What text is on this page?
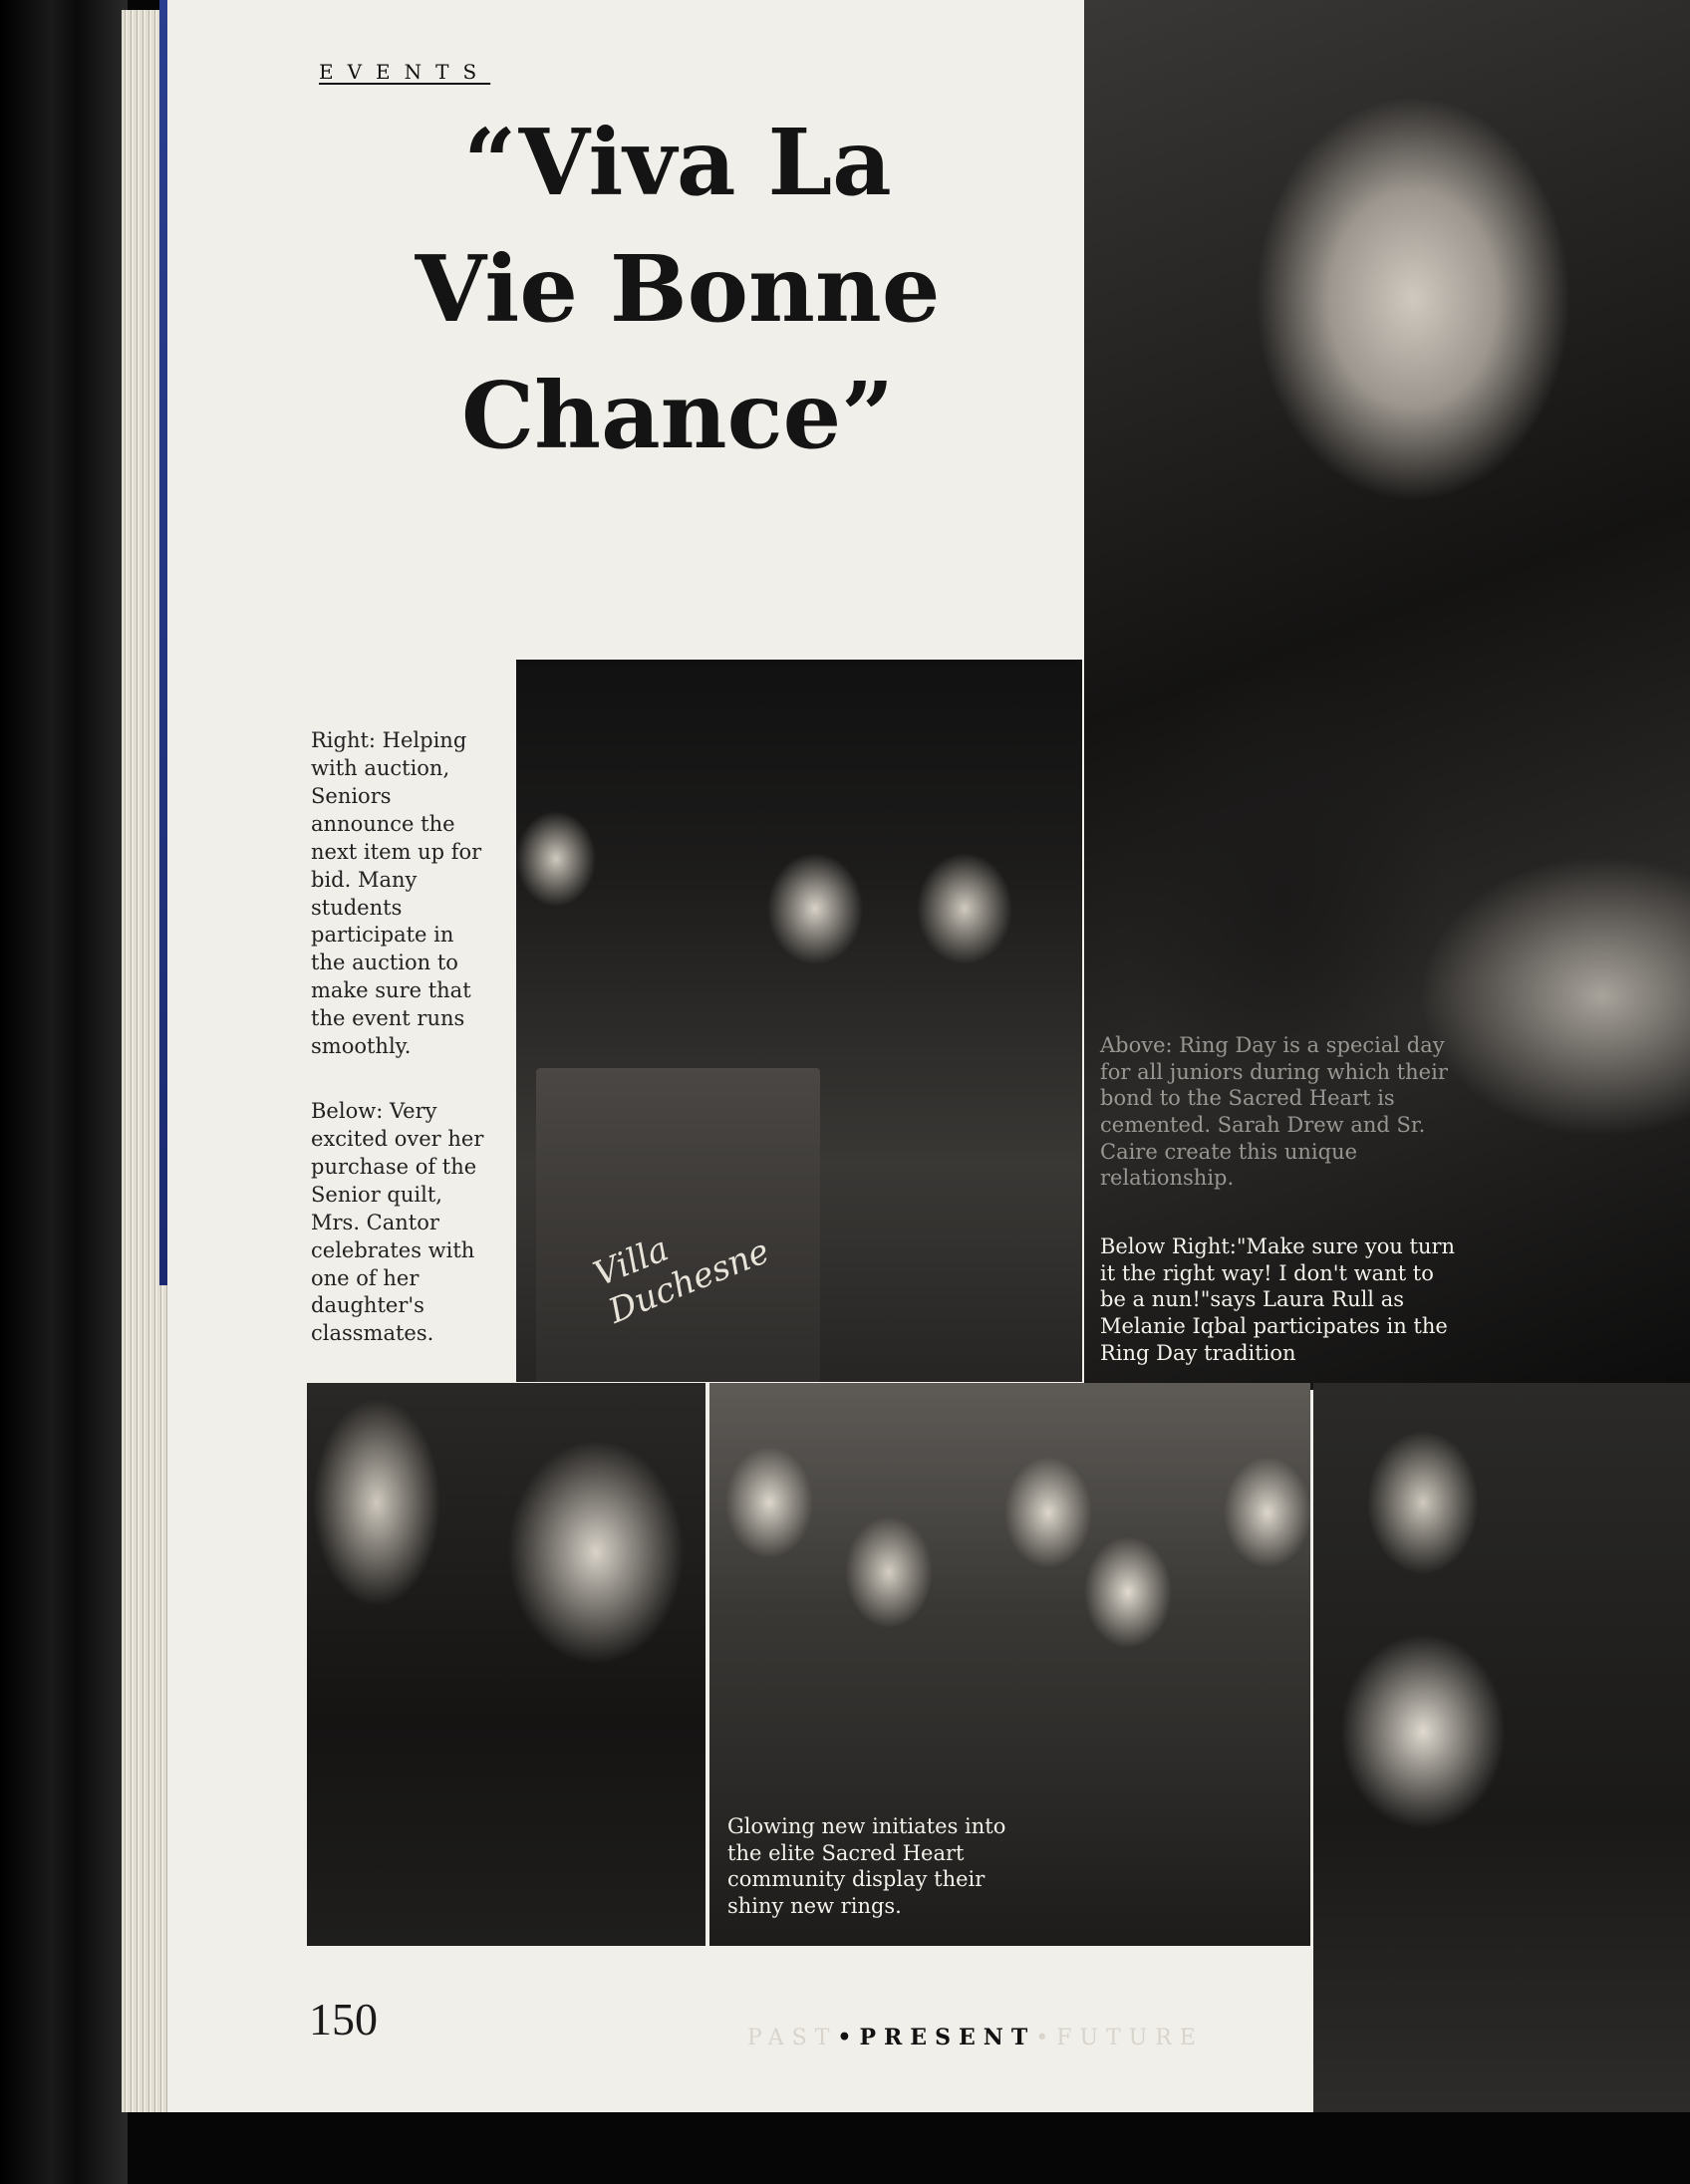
EVENTS
“Viva La
Vie Bonne
Chance”
Right: Helping with auction, Seniors announce the next item up for bid. Many students participate in the auction to make sure that the event runs smoothly.
Below: Very excited over her purchase of the Senior quilt, Mrs. Cantor celebrates with one of her daughter's classmates.
Above: Ring Day is a special day for all juniors during which their bond to the Sacred Heart is cemented. Sarah Drew and Sr. Caire create this unique relationship.
Below Right:"Make sure you turn it the right way! I don't want to be a nun!"says Laura Rull as Melanie Iqbal participates in the Ring Day tradition
Villa Duchesne
Glowing new initiates into the elite Sacred Heart community display their shiny new rings.
150	PAST•PRESENT•FUTURE
